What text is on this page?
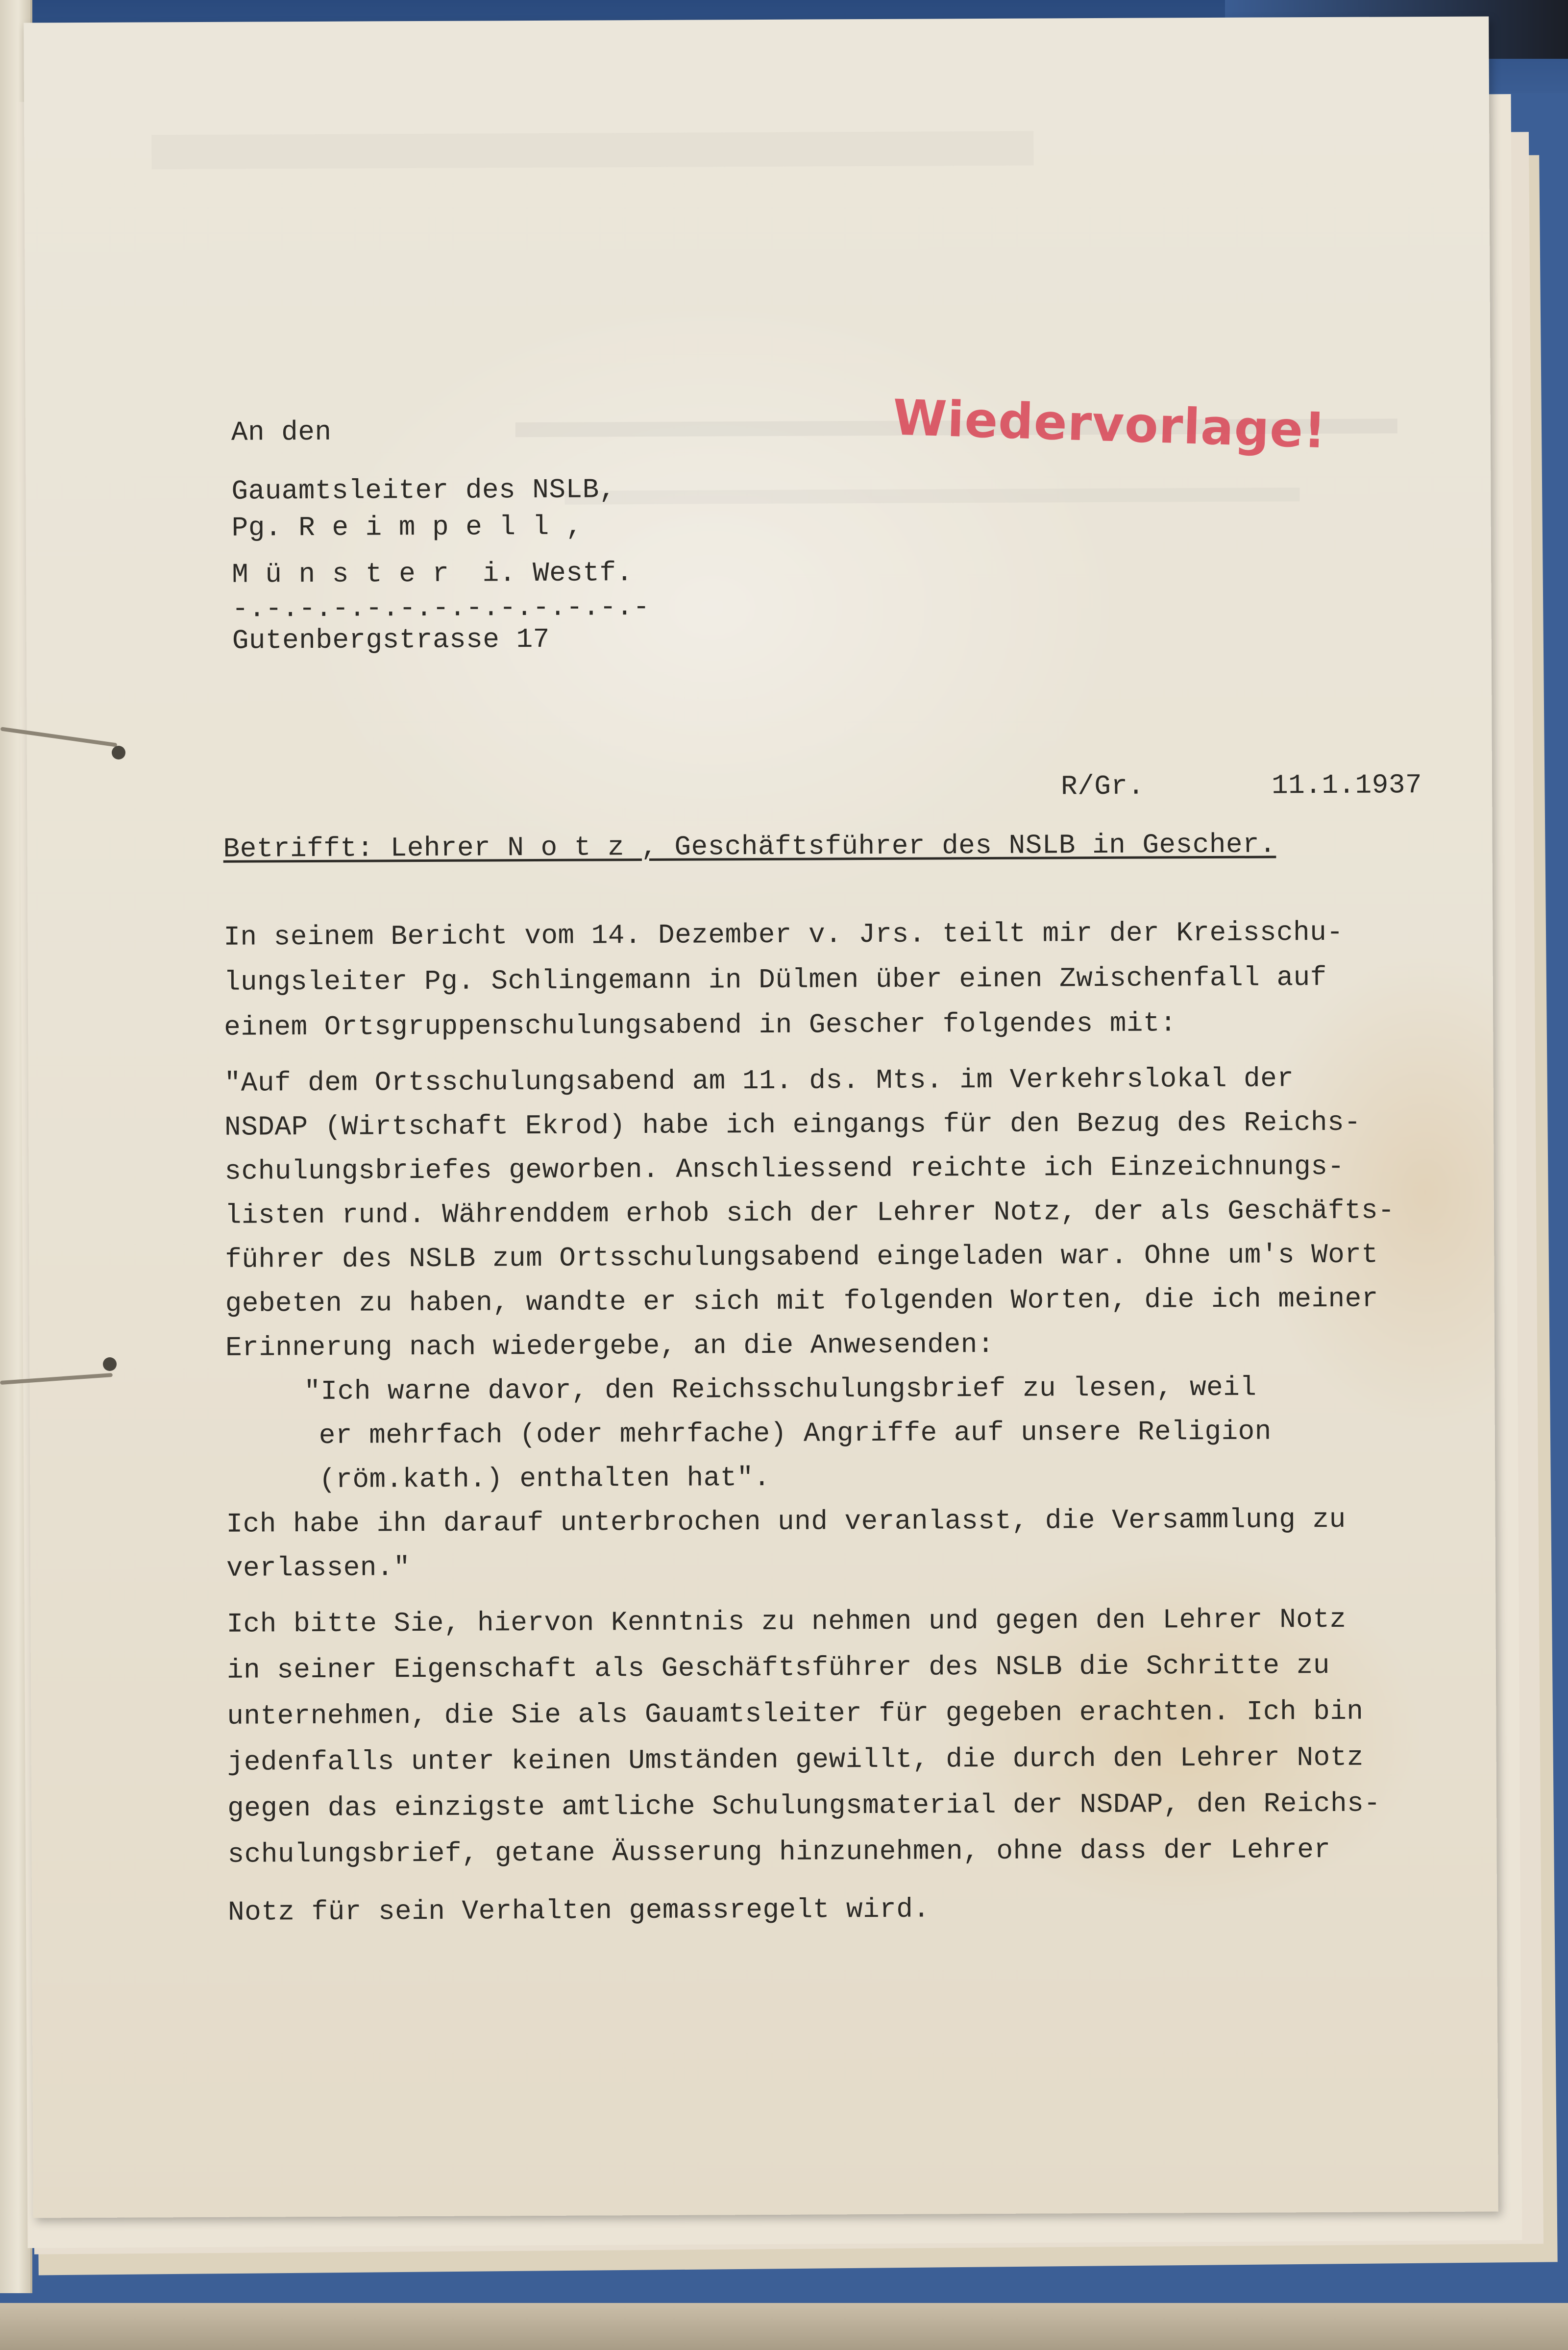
Wiedervorlage!
An den
Gauamtsleiter des NSLB,
Pg. R e i m p e l l ,
M ü n s t e r  i. Westf.
-.-.-.-.-.-.-.-.-.-.-.-.-
Gutenbergstrasse 17
R/Gr.	11.1.1937
Betrifft: Lehrer N o t z , Geschäftsführer des NSLB in Gescher.
In seinem Bericht vom 14. Dezember v. Jrs. teilt mir der Kreisschu-
lungsleiter Pg. Schlingemann in Dülmen über einen Zwischenfall auf
einem Ortsgruppenschulungsabend in Gescher folgendes mit:
"Auf dem Ortsschulungsabend am 11. ds. Mts. im Verkehrslokal der
NSDAP (Wirtschaft Ekrod) habe ich eingangs für den Bezug des Reichs-
schulungsbriefes geworben. Anschliessend reichte ich Einzeichnungs-
listen rund. Währenddem erhob sich der Lehrer Notz, der als Geschäfts-
führer des NSLB zum Ortsschulungsabend eingeladen war. Ohne um's Wort
gebeten zu haben, wandte er sich mit folgenden Worten, die ich meiner
Erinnerung nach wiedergebe, an die Anwesenden:
"Ich warne davor, den Reichsschulungsbrief zu lesen, weil
er mehrfach (oder mehrfache) Angriffe auf unsere Religion
(röm.kath.) enthalten hat".
Ich habe ihn darauf unterbrochen und veranlasst, die Versammlung zu
verlassen."
Ich bitte Sie, hiervon Kenntnis zu nehmen und gegen den Lehrer Notz
in seiner Eigenschaft als Geschäftsführer des NSLB die Schritte zu
unternehmen, die Sie als Gauamtsleiter für gegeben erachten. Ich bin
jedenfalls unter keinen Umständen gewillt, die durch den Lehrer Notz
gegen das einzigste amtliche Schulungsmaterial der NSDAP, den Reichs-
schulungsbrief, getane Äusserung hinzunehmen, ohne dass der Lehrer
Notz für sein Verhalten gemassregelt wird.
